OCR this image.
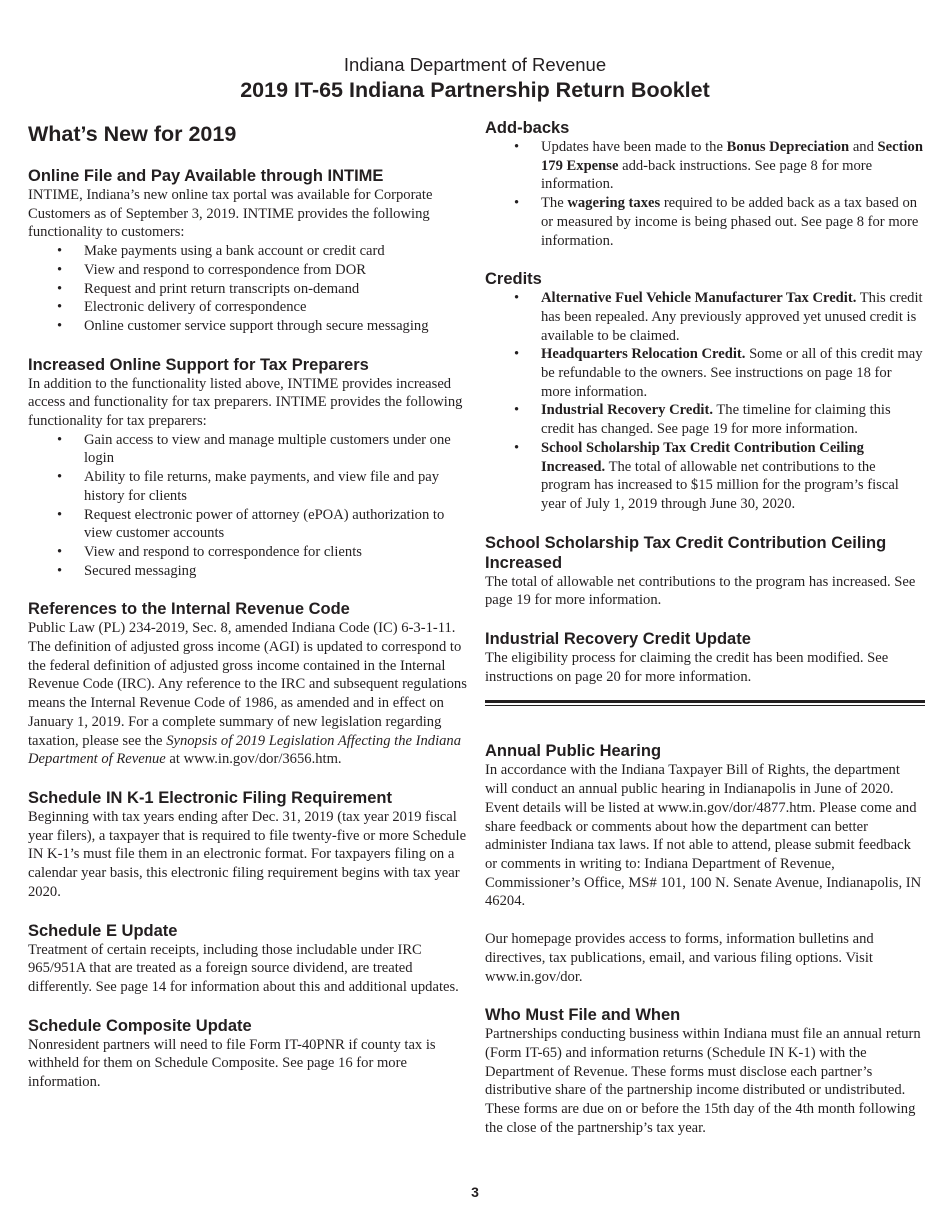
Indiana Department of Revenue
2019 IT-65 Indiana Partnership Return Booklet
What’s New for 2019
Online File and Pay Available through INTIME

INTIME, Indiana’s new online tax portal was available for Corporate Customers as of September 3, 2019. INTIME provides the following functionality to customers:

• Make payments using a bank account or credit card
• View and respond to correspondence from DOR
• Request and print return transcripts on-demand
• Electronic delivery of correspondence
• Online customer service support through secure messaging
Increased Online Support for Tax Preparers

In addition to the functionality listed above, INTIME provides increased access and functionality for tax preparers. INTIME provides the following functionality for tax preparers:

• Gain access to view and manage multiple customers under one login
• Ability to file returns, make payments, and view file and pay history for clients
• Request electronic power of attorney (ePOA) authorization to view customer accounts
• View and respond to correspondence for clients
• Secured messaging
References to the Internal Revenue Code

Public Law (PL) 234-2019, Sec. 8, amended Indiana Code (IC) 6-3-1-11. The definition of adjusted gross income (AGI) is updated to correspond to the federal definition of adjusted gross income contained in the Internal Revenue Code (IRC). Any reference to the IRC and subsequent regulations means the Internal Revenue Code of 1986, as amended and in effect on January 1, 2019. For a complete summary of new legislation regarding taxation, please see the Synopsis of 2019 Legislation Affecting the Indiana Department of Revenue at www.in.gov/dor/3656.htm.

Schedule IN K-1 Electronic Filing Requirement

Beginning with tax years ending after Dec. 31, 2019 (tax year 2019 fiscal year filers), a taxpayer that is required to file twenty-five or more Schedule IN K-1’s must file them in an electronic format. For taxpayers filing on a calendar year basis, this electronic filing requirement begins with tax year 2020.

Schedule E Update

Treatment of certain receipts, including those includable under IRC 965/951A that are treated as a foreign source dividend, are treated differently. See page 14 for information about this and additional updates.

Schedule Composite Update

Nonresident partners will need to file Form IT-40PNR if county tax is withheld for them on Schedule Composite. See page 16 for more information.

Add-backs
• Updates have been made to the Bonus Depreciation and Section 179 Expense add-back instructions. See page 8 for more information.
• The wagering taxes required to be added back as a tax based on or measured by income is being phased out. See page 8 for more information.
Credits
• Alternative Fuel Vehicle Manufacturer Tax Credit. This credit has been repealed. Any previously approved yet unused credit is available to be claimed.
• Headquarters Relocation Credit. Some or all of this credit may be refundable to the owners. See instructions on page 18 for more information.
• Industrial Recovery Credit. The timeline for claiming this credit has changed. See page 19 for more information.
• School Scholarship Tax Credit Contribution Ceiling Increased. The total of allowable net contributions to the program has increased to $15 million for the program’s fiscal year of July 1, 2019 through June 30, 2020.
School Scholarship Tax Credit Contribution Ceiling Increased

The total of allowable net contributions to the program has increased. See page 19 for more information.

Industrial Recovery Credit Update

The eligibility process for claiming the credit has been modified. See instructions on page 20 for more information.

Annual Public Hearing

In accordance with the Indiana Taxpayer Bill of Rights, the department will conduct an annual public hearing in Indianapolis in June of 2020. Event details will be listed at www.in.gov/dor/4877.htm. Please come and share feedback or comments about how the department can better administer Indiana tax laws. If not able to attend, please submit feedback or comments in writing to: Indiana Department of Revenue, Commissioner’s Office, MS# 101, 100 N. Senate Avenue, Indianapolis, IN 46204.

Our homepage provides access to forms, information bulletins and directives, tax publications, email, and various filing options. Visit www.in.gov/dor.

Who Must File and When

Partnerships conducting business within Indiana must file an annual return (Form IT-65) and information returns (Schedule IN K-1) with the Department of Revenue. These forms must disclose each partner’s distributive share of the partnership income distributed or undistributed. These forms are due on or before the 15th day of the 4th month following the close of the partnership’s tax year.

3
